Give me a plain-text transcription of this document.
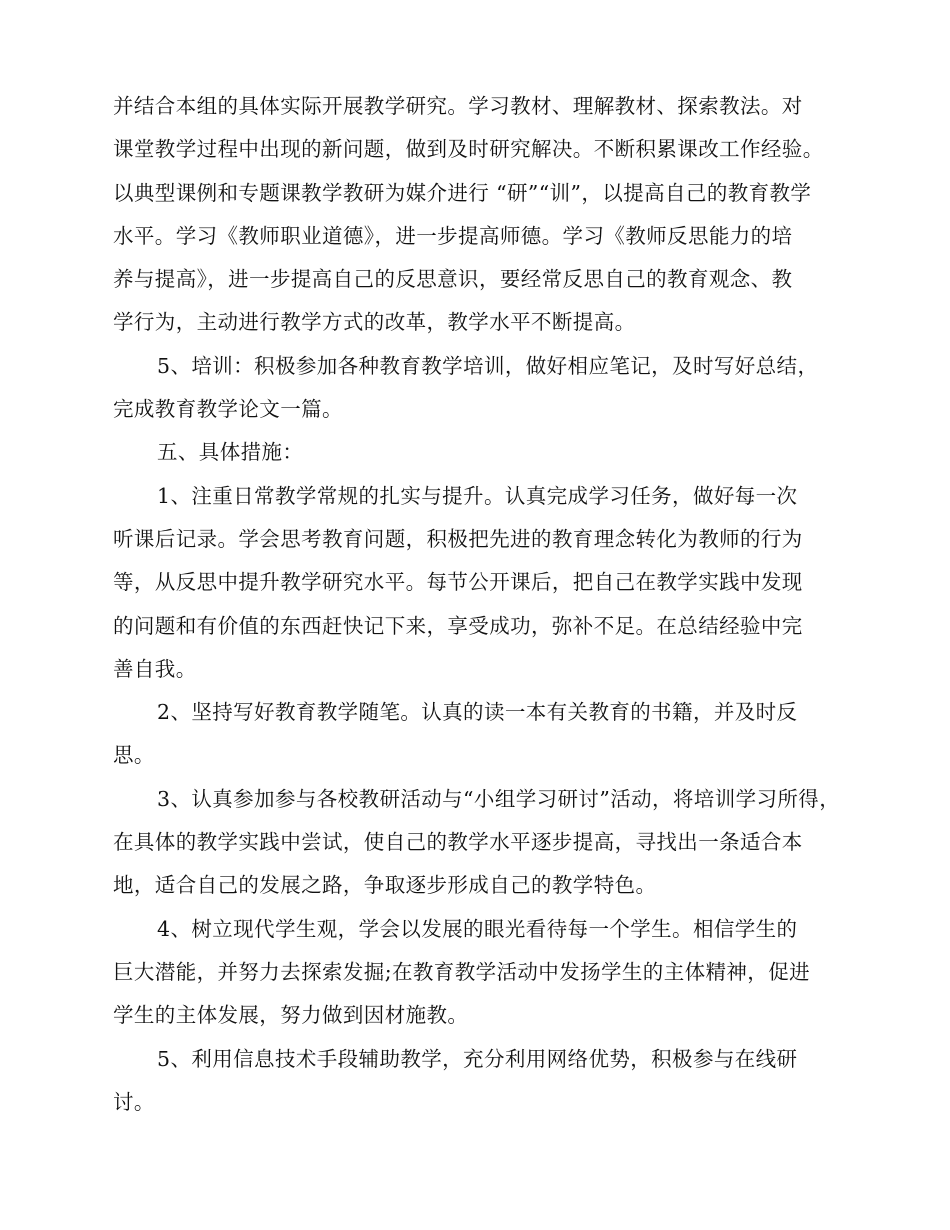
并结合本组的具体实际开展教学研究。学习教材、理解教材、探索教法。对
课堂教学过程中出现的新问题，做到及时研究解决。不断积累课改工作经验。
以典型课例和专题课教学教研为媒介进行 “研”“训”，以提高自己的教育教学
水平。学习《教师职业道德》，进一步提高师德。学习《教师反思能力的培
养与提高》，进一步提高自己的反思意识，要经常反思自己的教育观念、教
学行为，主动进行教学方式的改革，教学水平不断提高。
5、培训：积极参加各种教育教学培训，做好相应笔记，及时写好总结，
完成教育教学论文一篇。
五、具体措施：
1、注重日常教学常规的扎实与提升。认真完成学习任务，做好每一次
听课后记录。学会思考教育问题，积极把先进的教育理念转化为教师的行为
等，从反思中提升教学研究水平。每节公开课后，把自己在教学实践中发现
的问题和有价值的东西赶快记下来，享受成功，弥补不足。在总结经验中完
善自我。
2、坚持写好教育教学随笔。认真的读一本有关教育的书籍，并及时反
思。
3、认真参加参与各校教研活动与“小组学习研讨”活动，将培训学习所得，
在具体的教学实践中尝试，使自己的教学水平逐步提高，寻找出一条适合本
地，适合自己的发展之路，争取逐步形成自己的教学特色。
4、树立现代学生观，学会以发展的眼光看待每一个学生。相信学生的
巨大潜能，并努力去探索发掘;在教育教学活动中发扬学生的主体精神，促进
学生的主体发展，努力做到因材施教。
5、利用信息技术手段辅助教学，充分利用网络优势，积极参与在线研
讨。
